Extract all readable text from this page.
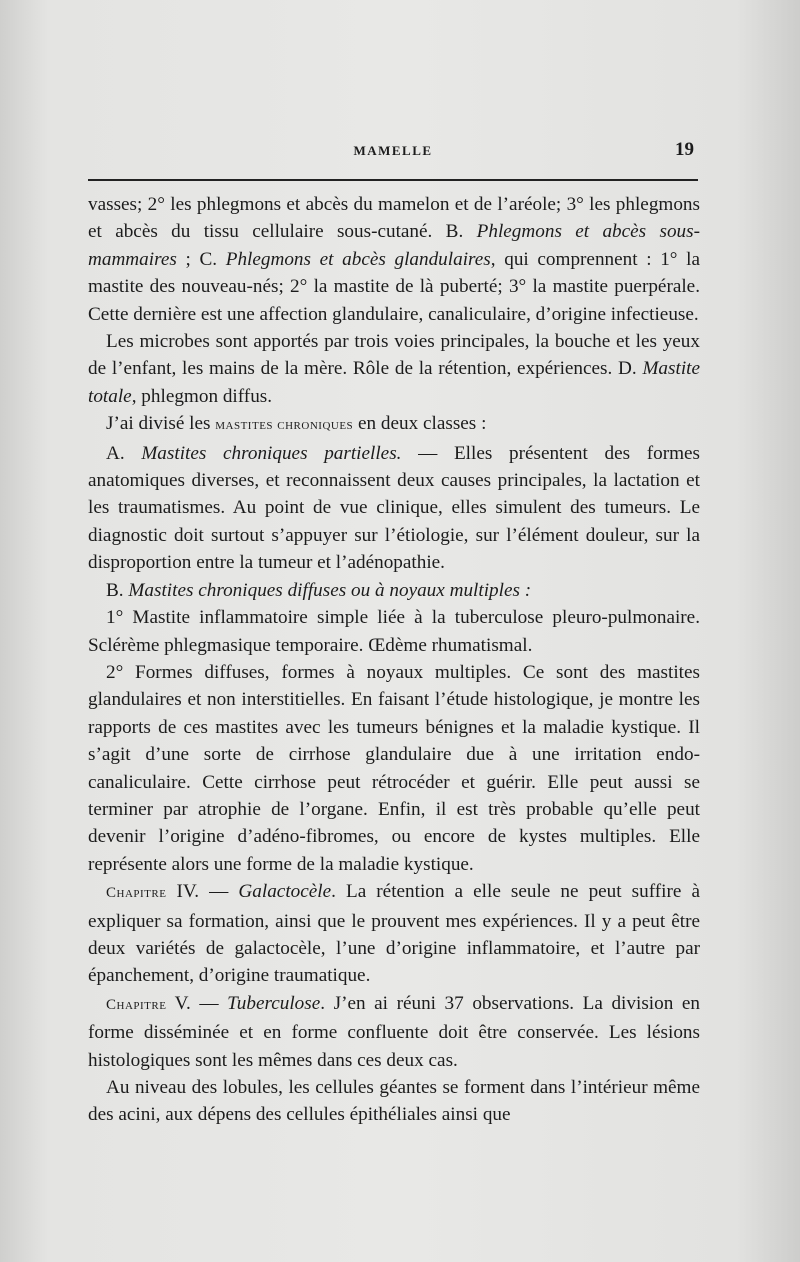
MAMELLE	19

vasses; 2° les phlegmons et abcès du mamelon et de l’aréole; 3° les phlegmons et abcès du tissu cellulaire sous-cutané. B. Phlegmons et abcès sous-mammaires ; C. Phlegmons et abcès glandulaires, qui comprennent : 1° la mastite des nouveau-nés; 2° la mastite de là puberté; 3° la mastite puerpérale. Cette dernière est une affection glandulaire, canaliculaire, d’origine infectieuse.

Les microbes sont apportés par trois voies principales, la bouche et les yeux de l’enfant, les mains de la mère. Rôle de la rétention, expériences. D. Mastite totale, phlegmon diffus.

J’ai divisé les mastites chroniques en deux classes :

A. Mastites chroniques partielles. — Elles présentent des formes anatomiques diverses, et reconnaissent deux causes principales, la lactation et les traumatismes. Au point de vue clinique, elles simulent des tumeurs. Le diagnostic doit surtout s’appuyer sur l’étiologie, sur l’élément douleur, sur la disproportion entre la tumeur et l’adénopathie.

B. Mastites chroniques diffuses ou à noyaux multiples :

1° Mastite inflammatoire simple liée à la tuberculose pleuro-pulmonaire. Sclérème phlegmasique temporaire. Œdème rhumatismal.

2° Formes diffuses, formes à noyaux multiples. Ce sont des mastites glandulaires et non interstitielles. En faisant l’étude histologique, je montre les rapports de ces mastites avec les tumeurs bénignes et la maladie kystique. Il s’agit d’une sorte de cirrhose glandulaire due à une irritation endo-canaliculaire. Cette cirrhose peut rétrocéder et guérir. Elle peut aussi se terminer par atrophie de l’organe. Enfin, il est très probable qu’elle peut devenir l’origine d’adéno-fibromes, ou encore de kystes multiples. Elle représente alors une forme de la maladie kystique.

Chapitre IV. — Galactocèle. La rétention a elle seule ne peut suffire à expliquer sa formation, ainsi que le prouvent mes expériences. Il y a peut être deux variétés de galactocèle, l’une d’origine inflammatoire, et l’autre par épanchement, d’origine traumatique.

Chapitre V. — Tuberculose. J’en ai réuni 37 observations. La division en forme disséminée et en forme confluente doit être conservée. Les lésions histologiques sont les mêmes dans ces deux cas.

Au niveau des lobules, les cellules géantes se forment dans l’intérieur même des acini, aux dépens des cellules épithéliales ainsi que
